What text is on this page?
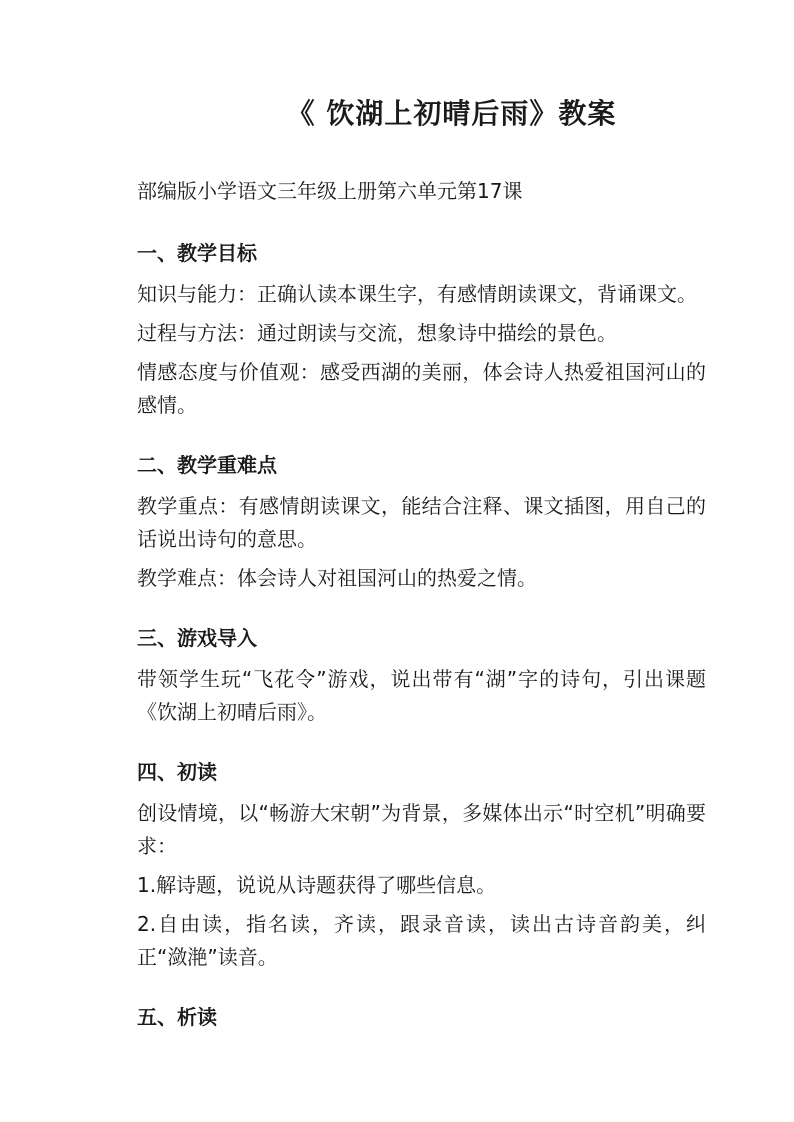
《 饮湖上初晴后雨》教案

部编版小学语文三年级上册第六单元第17课

一、教学目标

知识与能力：正确认读本课生字，有感情朗读课文，背诵课文。

过程与方法：通过朗读与交流，想象诗中描绘的景色。

情感态度与价值观：感受西湖的美丽，体会诗人热爱祖国河山的感情。

二、教学重难点

教学重点：有感情朗读课文，能结合注释、课文插图，用自己的话说出诗句的意思。

教学难点：体会诗人对祖国河山的热爱之情。

三、游戏导入

带领学生玩“飞花令”游戏，说出带有“湖”字的诗句，引出课题《饮湖上初晴后雨》。

四、初读

创设情境，以“畅游大宋朝”为背景，多媒体出示“时空机”明确要求：

1.解诗题，说说从诗题获得了哪些信息。

2.自由读，指名读，齐读，跟录音读，读出古诗音韵美，纠正“潋滟”读音。

五、析读
